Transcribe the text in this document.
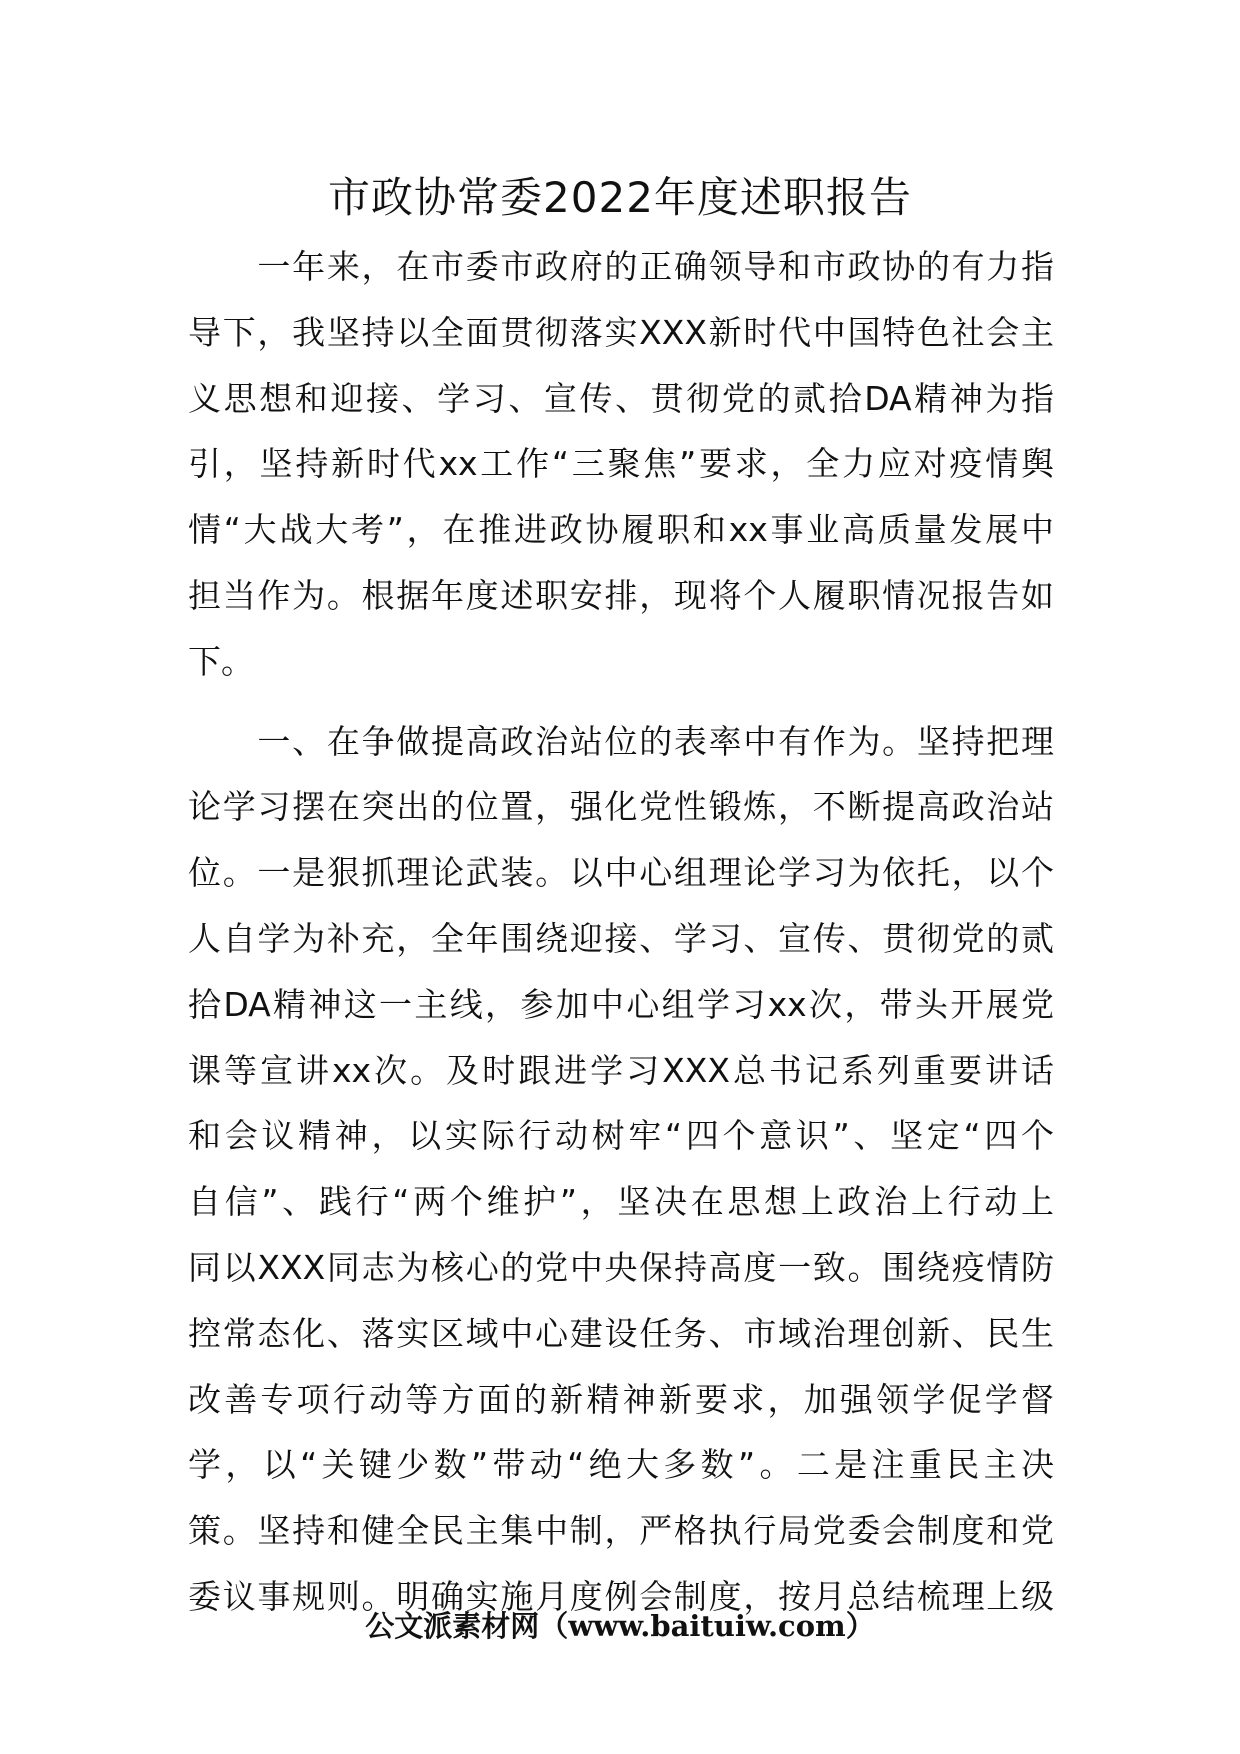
市政协常委2022年度述职报告
　　一年来，在市委市政府的正确领导和市政协的有力指
导下，我坚持以全面贯彻落实XXX新时代中国特色社会主
义思想和迎接、学习、宣传、贯彻党的贰拾DA精神为指
引，坚持新时代xx工作“三聚焦”要求，全力应对疫情舆
情“大战大考”，在推进政协履职和xx事业高质量发展中
担当作为。根据年度述职安排，现将个人履职情况报告如
下。
　　一、在争做提高政治站位的表率中有作为。坚持把理
论学习摆在突出的位置，强化党性锻炼，不断提高政治站
位。一是狠抓理论武装。以中心组理论学习为依托，以个
人自学为补充，全年围绕迎接、学习、宣传、贯彻党的贰
拾DA精神这一主线，参加中心组学习xx次，带头开展党
课等宣讲xx次。及时跟进学习XXX总书记系列重要讲话
和会议精神，以实际行动树牢“四个意识”、坚定“四个
自信”、践行“两个维护”，坚决在思想上政治上行动上
同以XXX同志为核心的党中央保持高度一致。围绕疫情防
控常态化、落实区域中心建设任务、市域治理创新、民生
改善专项行动等方面的新精神新要求，加强领学促学督
学，以“关键少数”带动“绝大多数”。二是注重民主决
策。坚持和健全民主集中制，严格执行局党委会制度和党
委议事规则。明确实施月度例会制度，按月总结梳理上级
公文派素材网（www.baituiw.com）
